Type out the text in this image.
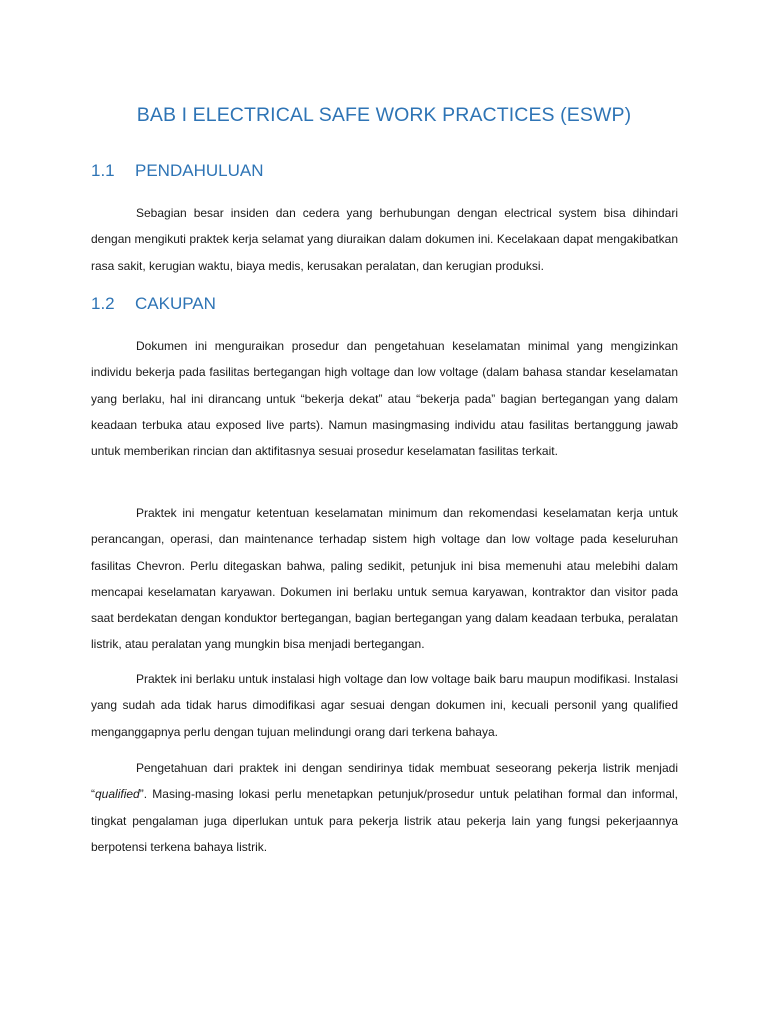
BAB I ELECTRICAL SAFE WORK PRACTICES (ESWP)
1.1 PENDAHULUAN

Sebagian besar insiden dan cedera yang berhubungan dengan electrical system bisa dihindari dengan mengikuti praktek kerja selamat yang diuraikan dalam dokumen ini. Kecelakaan dapat mengakibatkan rasa sakit, kerugian waktu, biaya medis, kerusakan peralatan, dan kerugian produksi.

1.2 CAKUPAN

Dokumen ini menguraikan prosedur dan pengetahuan keselamatan minimal yang mengizinkan individu bekerja pada fasilitas bertegangan high voltage dan low voltage (dalam bahasa standar keselamatan yang berlaku, hal ini dirancang untuk “bekerja dekat” atau “bekerja pada” bagian bertegangan yang dalam keadaan terbuka atau exposed live parts). Namun masingmasing individu atau fasilitas bertanggung jawab untuk memberikan rincian dan aktifitasnya sesuai prosedur keselamatan fasilitas terkait.

Praktek ini mengatur ketentuan keselamatan minimum dan rekomendasi keselamatan kerja untuk perancangan, operasi, dan maintenance terhadap sistem high voltage dan low voltage pada keseluruhan fasilitas Chevron. Perlu ditegaskan bahwa, paling sedikit, petunjuk ini bisa memenuhi atau melebihi dalam mencapai keselamatan karyawan. Dokumen ini berlaku untuk semua karyawan, kontraktor dan visitor pada saat berdekatan dengan konduktor bertegangan, bagian bertegangan yang dalam keadaan terbuka, peralatan listrik, atau peralatan yang mungkin bisa menjadi bertegangan.

Praktek ini berlaku untuk instalasi high voltage dan low voltage baik baru maupun modifikasi. Instalasi yang sudah ada tidak harus dimodifikasi agar sesuai dengan dokumen ini, kecuali personil yang qualified menganggapnya perlu dengan tujuan melindungi orang dari terkena bahaya.

Pengetahuan dari praktek ini dengan sendirinya tidak membuat seseorang pekerja listrik menjadi “qualified”. Masing-masing lokasi perlu menetapkan petunjuk/prosedur untuk pelatihan formal dan informal, tingkat pengalaman juga diperlukan untuk para pekerja listrik atau pekerja lain yang fungsi pekerjaannya berpotensi terkena bahaya listrik.
